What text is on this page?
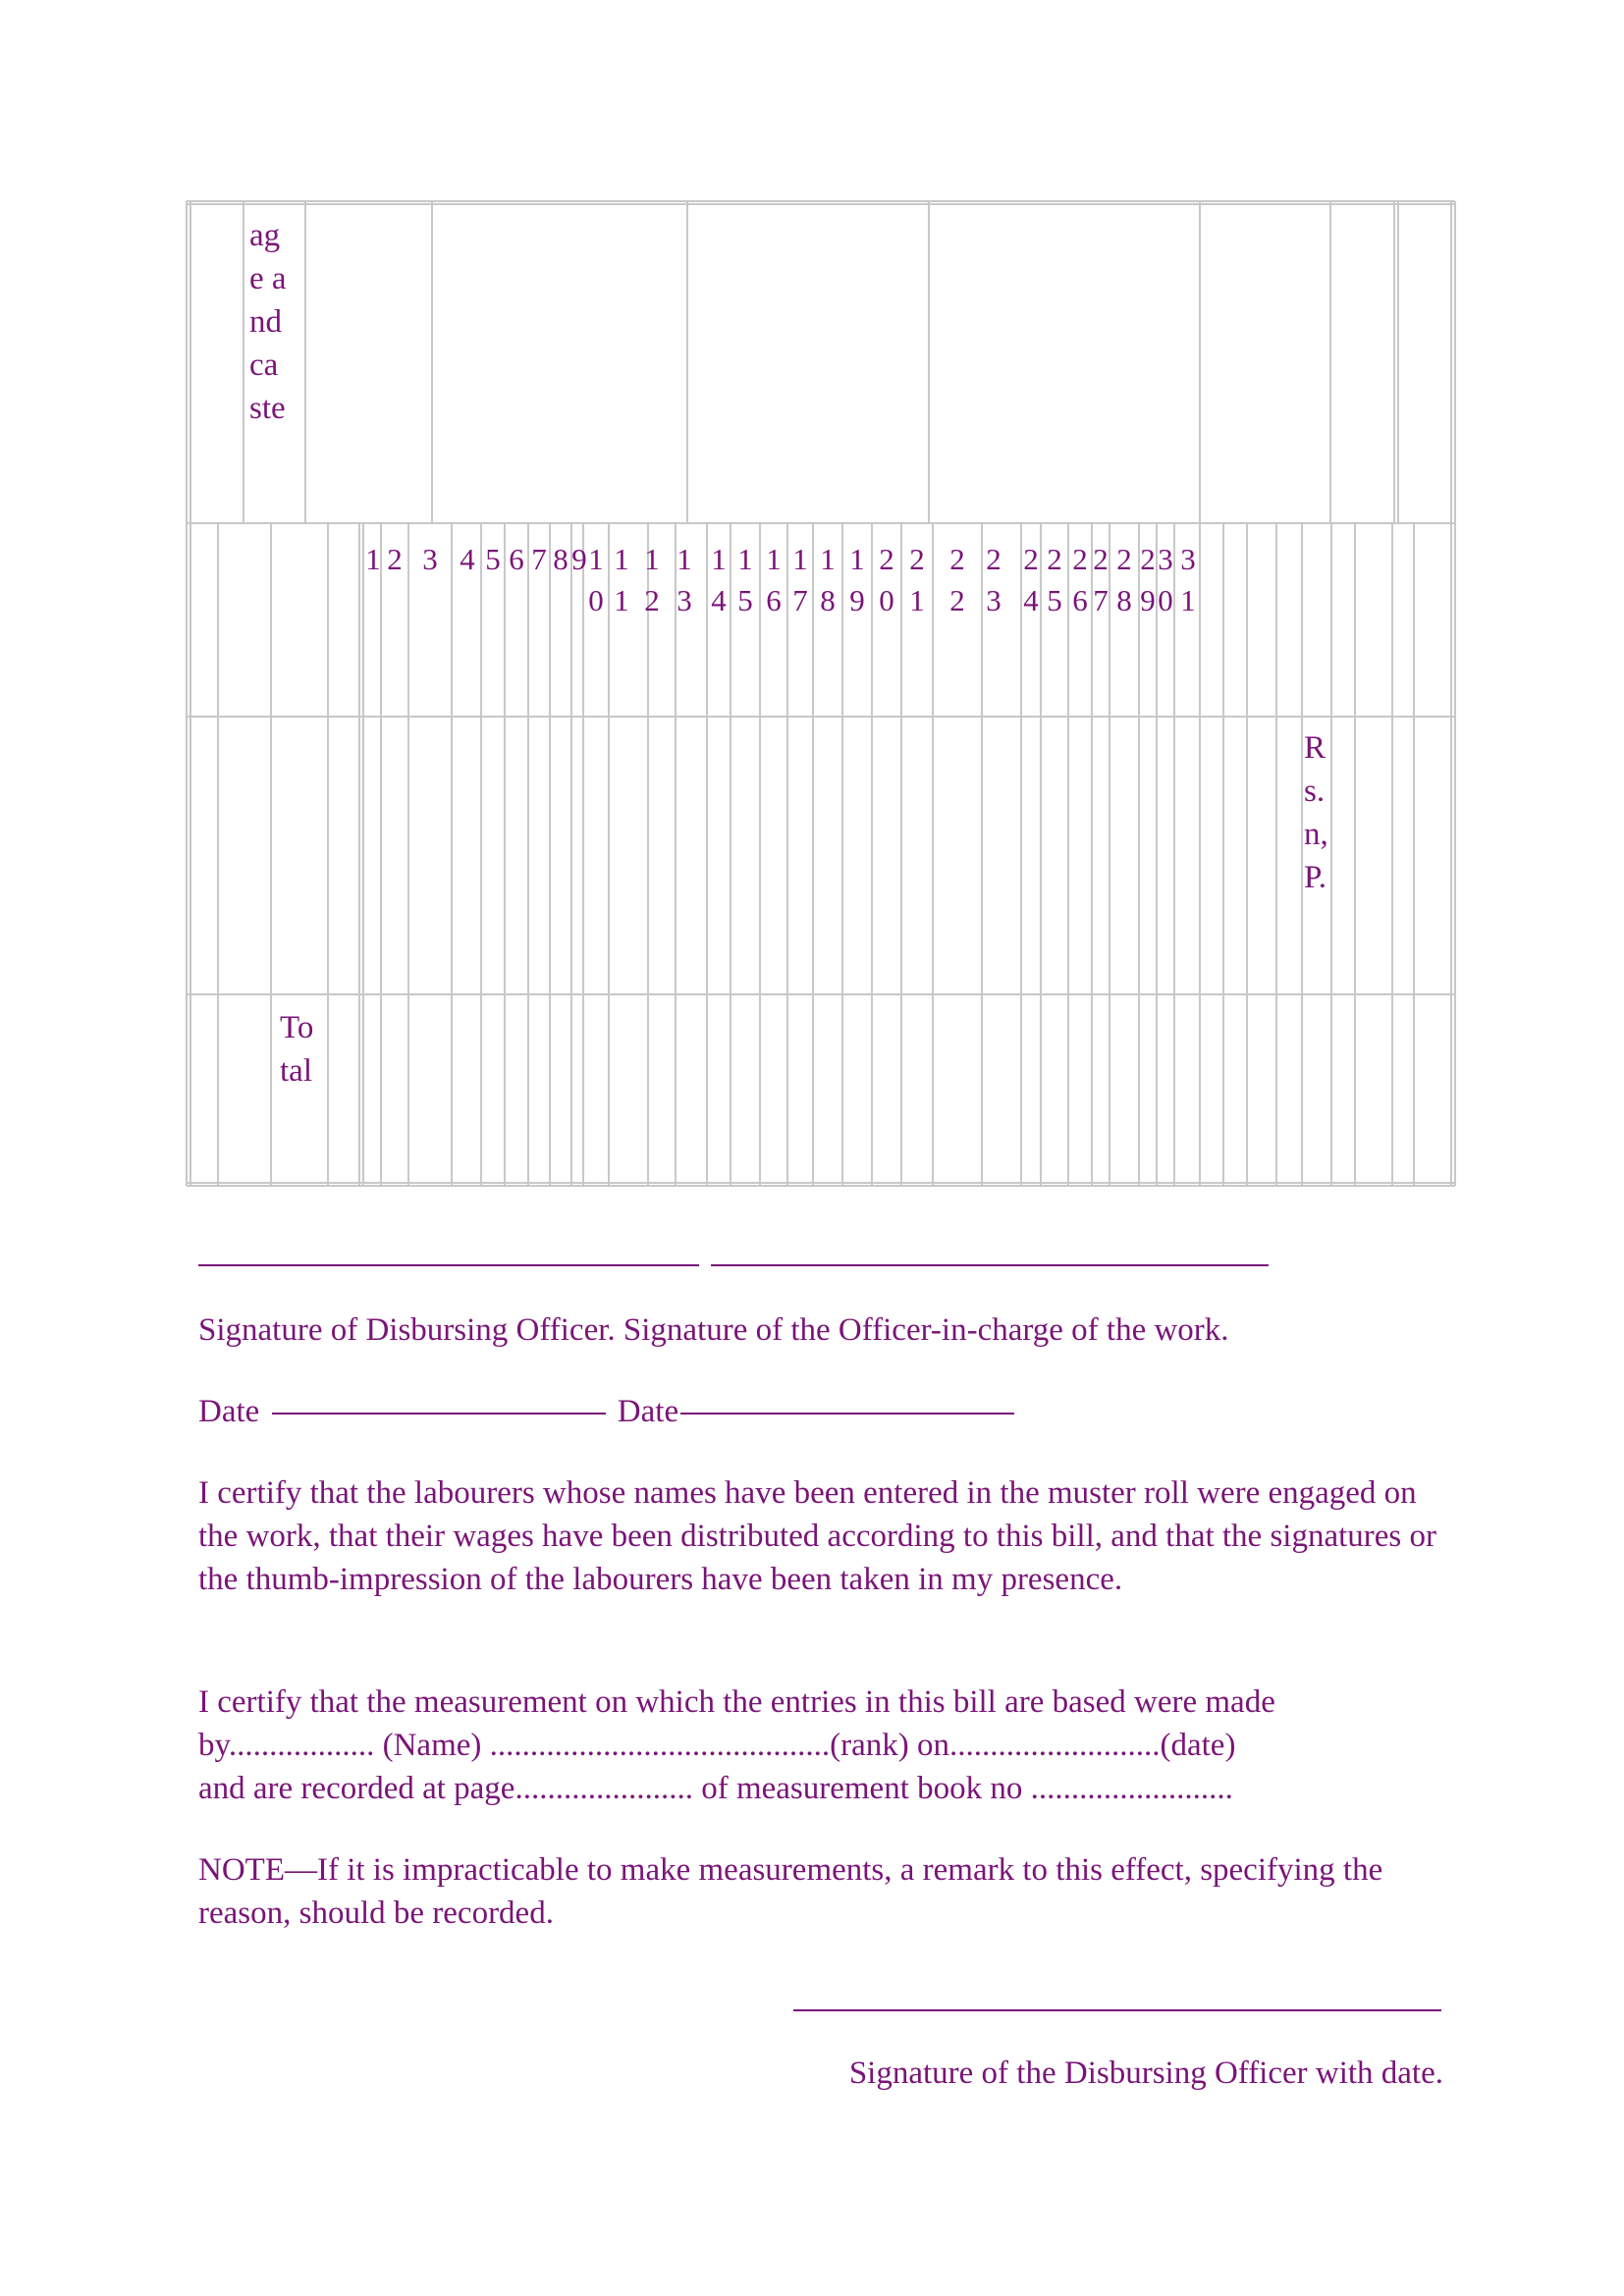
1 2 3 4 5 6 7 8 9 1
0
1
1
1
2
1
3
1
4
1
5
1
6
1
7
1
8
1
9
2
0
2
1
2
2
2
3
2
4
2
5
2
6
2
7
2
8
2
9
3
0
3
1
age and caste
Rs.n,P.
Total

Signature of Disbursing Officer. Signature of the Officer-in-charge of the work.

Date	Date

I certify that the labourers whose names have been entered in the muster roll were engaged on the work, that their wages have been distributed according to this bill, and that the signatures or the thumb-impression of the labourers have been taken in my presence.

I certify that the measurement on which the entries in this bill are based were made

by.................. (Name) ..........................................(rank) on..........................(date)

and are recorded at page...................... of measurement book no .........................

NOTE—If it is impracticable to make measurements, a remark to this effect, specifying the reason, should be recorded.

Signature of the Disbursing Officer with date.
